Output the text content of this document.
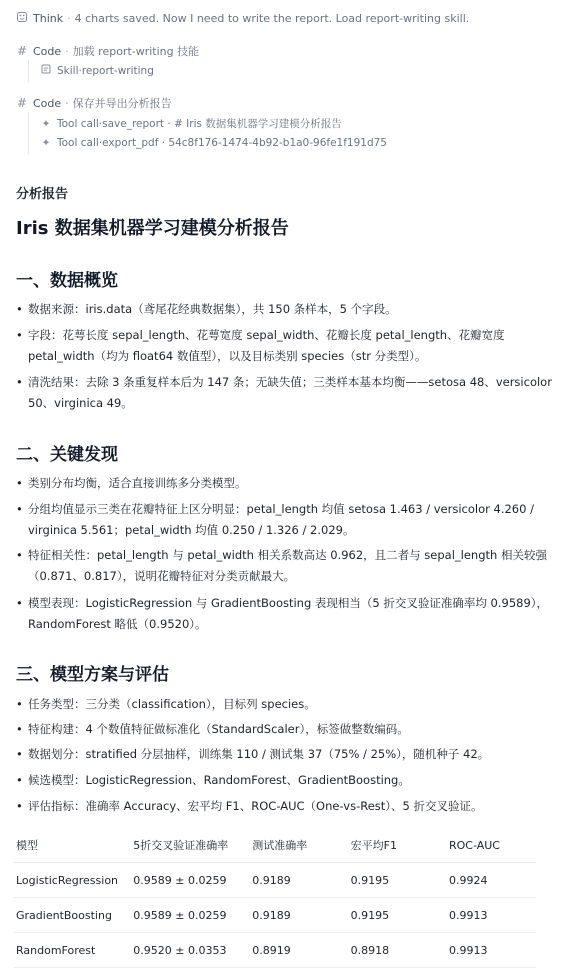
Think · 4 charts saved. Now I need to write the report. Load report-writing skill.
# Code · 加载 report-writing 技能
Skill · report-writing
# Code · 保存并导出分析报告
✦ Tool call · save_report · # Iris 数据集机器学习建模分析报告
✦ Tool call · export_pdf · 54c8f176-1474-4b92-b1a0-96fe1f191d75
分析报告
Iris 数据集机器学习建模分析报告
一、数据概览
• 数据来源：iris.data（鸢尾花经典数据集），共 150 条样本，5 个字段。
• 字段：花萼长度 sepal_length、花萼宽度 sepal_width、花瓣长度 petal_length、花瓣宽度 petal_width（均为 float64 数值型），以及目标类别 species（str 分类型）。
• 清洗结果：去除 3 条重复样本后为 147 条；无缺失值；三类样本基本均衡——setosa 48、versicolor 50、virginica 49。
二、关键发现
• 类别分布均衡，适合直接训练多分类模型。
• 分组均值显示三类在花瓣特征上区分明显：petal_length 均值 setosa 1.463 / versicolor 4.260 / virginica 5.561；petal_width 均值 0.250 / 1.326 / 2.029。
• 特征相关性：petal_length 与 petal_width 相关系数高达 0.962，且二者与 sepal_length 相关较强（0.871、0.817），说明花瓣特征对分类贡献最大。
• 模型表现：LogisticRegression 与 GradientBoosting 表现相当（5 折交叉验证准确率均 0.9589），RandomForest 略低（0.9520）。
三、模型方案与评估
• 任务类型：三分类（classification），目标列 species。
• 特征构建：4 个数值特征做标准化（StandardScaler），标签做整数编码。
• 数据划分：stratified 分层抽样，训练集 110 / 测试集 37（75% / 25%），随机种子 42。
• 候选模型：LogisticRegression、RandomForest、GradientBoosting。
• 评估指标：准确率 Accuracy、宏平均 F1、ROC-AUC（One-vs-Rest）、5 折交叉验证。
模型	5折交叉验证准确率	测试准确率	宏平均F1	ROC-AUC
LogisticRegression	0.9589 ± 0.0259	0.9189	0.9195	0.9924
GradientBoosting	0.9589 ± 0.0259	0.9189	0.9195	0.9913
RandomForest	0.9520 ± 0.0353	0.8919	0.8918	0.9913
